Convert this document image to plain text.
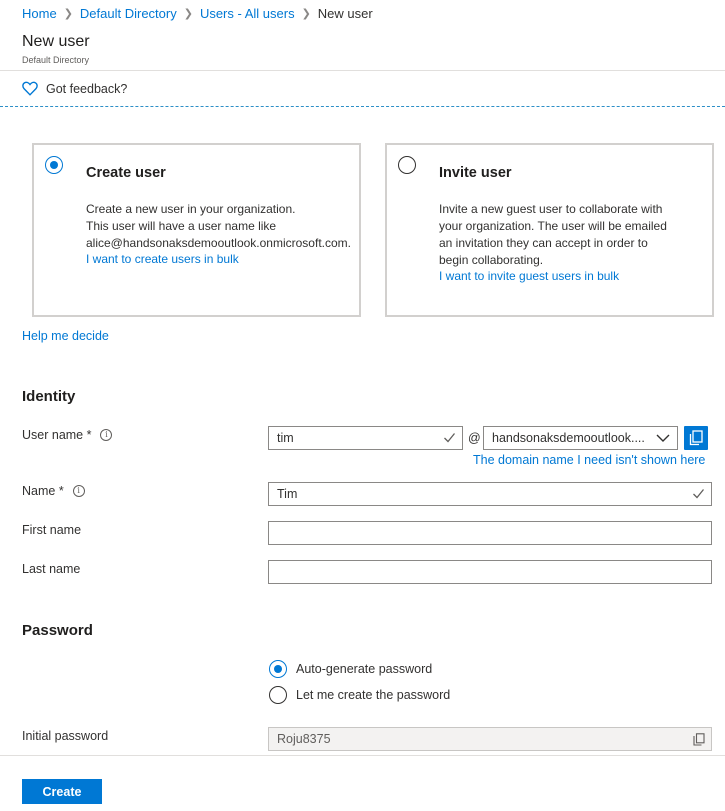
Home ❯ Default Directory ❯ Users - All users ❯ New user
New user
Default Directory
Got feedback?
Create user
Create a new user in your organization.
This user will have a user name like
alice@handsonaksdemooutlook.onmicrosoft.com.
I want to create users in bulk
Invite user
Invite a new guest user to collaborate with
your organization. The user will be emailed
an invitation they can accept in order to
begin collaborating.
I want to invite guest users in bulk
Help me decide
Identity
User name *	i	tim	@ handsonaksdemooutlook....
The domain name I need isn't shown here
Name *	i	Tim
First name
Last name
Password
Auto-generate password
Let me create the password
Initial password	Roju8375
Create
